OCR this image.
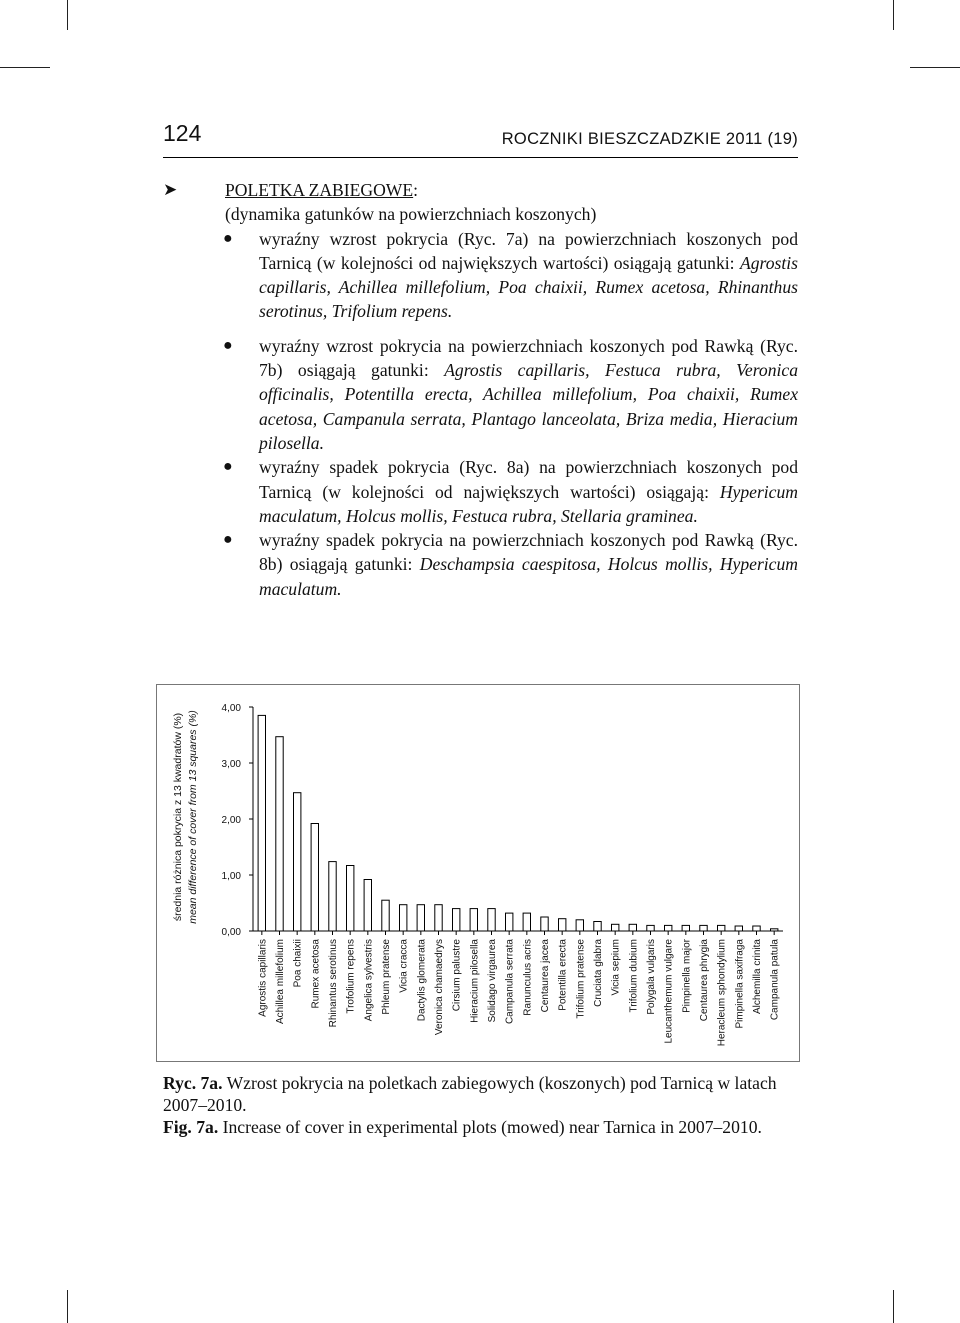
124	ROCZNIKI BIESZCZADZKIE 2011 (19)
➤	POLETKA ZABIEGOWE:
(dynamika gatunków na powierzchniach koszonych)
● wyraźny wzrost pokrycia (Ryc. 7a) na powierzchniach koszonych pod Tarnicą (w kolejności od największych wartości) osiągają gatunki: Agrostis capillaris, Achillea millefolium, Poa chaixii, Rumex acetosa, Rhinanthus serotinus, Trifolium repens.
● wyraźny wzrost pokrycia na powierzchniach koszonych pod Rawką (Ryc. 7b) osiągają gatunki: Agrostis capillaris, Festuca rubra, Veronica officinalis, Potentilla erecta, Achillea millefolium, Poa chaixii, Rumex acetosa, Campanula serrata, Plantago lanceolata, Briza media, Hieracium pilosella.
● wyraźny spadek pokrycia (Ryc. 8a) na powierzchniach koszonych pod Tarnicą (w kolejności od największych wartości) osiągają: Hypericum maculatum, Holcus mollis, Festuca rubra, Stellaria graminea.
● wyraźny spadek pokrycia na powierzchniach koszonych pod Rawką (Ryc. 8b) osiągają gatunki: Deschampsia caespitosa, Holcus mollis, Hypericum maculatum.
średnia różnica pokrycia z 13 kwadratów (%) mean difference of cover from 13 squares (%)
0,00
1,00
2,00
3,00
4,00
Agrostis capillaris Achillea millefolium Poa chaixii Rumex acetosa Rhinantus serotinus Trofolium repens Angelica sylvestris Phleum pratense Vicia cracca Dactylis glomerata Veronica chamaedrys Cirsium palustre Hieracium pilosella Solidago virgaurea Campanula serrata Ranunculus acris Centaurea jacea Potentilla erecta Trifolium pratense Cruciata glabra Vicia sepium Trifolium dubium Polygala vulgaris Leucanthemum vulgare Pimpinella major Centaurea phrygia Heracleum sphondylium Pimpinella saxifraga Alchemilla crinita Campanula patula
Ryc. 7a. Wzrost pokrycia na poletkach zabiegowych (koszonych) pod Tarnicą w latach 2007–2010.
Fig. 7a. Increase of cover in experimental plots (mowed) near Tarnica in 2007–2010.
